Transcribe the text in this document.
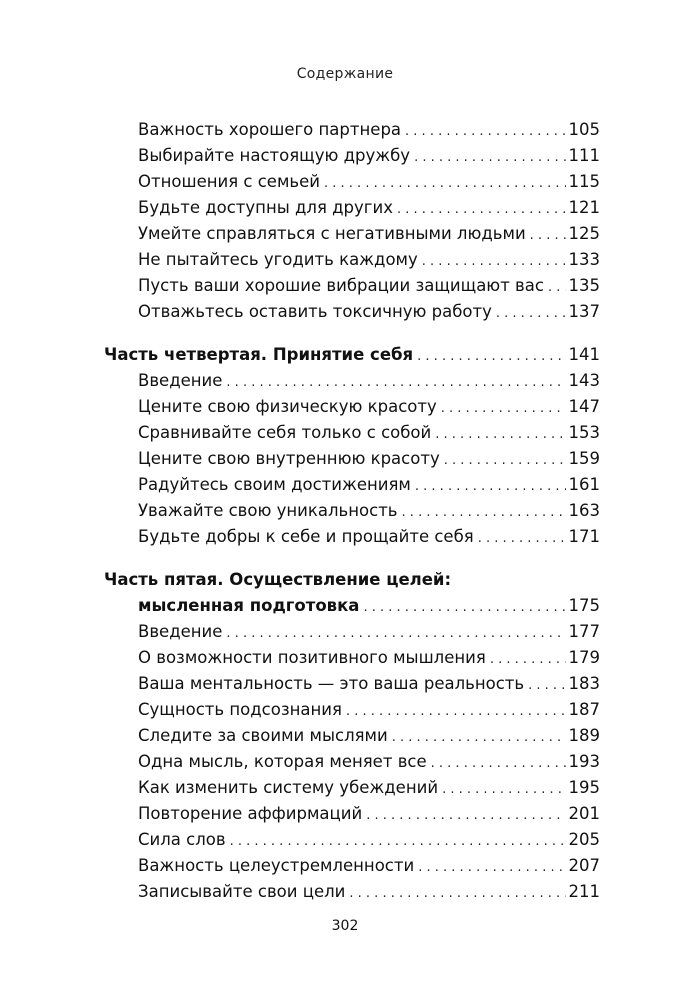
Содержание
Важность хорошего партнера . . .	105
Выбирайте настоящую дружбу . . .	111
Отношения с семьей . . .	115
Будьте доступны для других . . .	121
Умейте справляться с негативными людьми . . .	125
Не пытайтесь угодить каждому . . .	133
Пусть ваши хорошие вибрации защищают вас . . . 135
Отважьтесь оставить токсичную работу . . .	137
Часть четвертая. Принятие себя . . .	141
Введение . . .	143
Цените свою физическую красоту . . .	147
Сравнивайте себя только с собой . . .	153
Цените свою внутреннюю красоту . . .	159
Радуйтесь своим достижениям . . .	161
Уважайте свою уникальность . . .	163
Будьте добры к себе и прощайте себя . . .	171
Часть пятая. Осуществление целей:
мысленная подготовка . . .	175
Введение . . .	177
О возможности позитивного мышления . . .	179
Ваша ментальность — это ваша реальность . . .	183
Сущность подсознания . . .	187
Следите за своими мыслями . . .	189
Одна мысль, которая меняет все . . .	193
Как изменить систему убеждений . . .	195
Повторение аффирмаций . . .	201
Сила слов . . .	205
Важность целеустремленности . . .	207
Записывайте свои цели . . .	211
302
